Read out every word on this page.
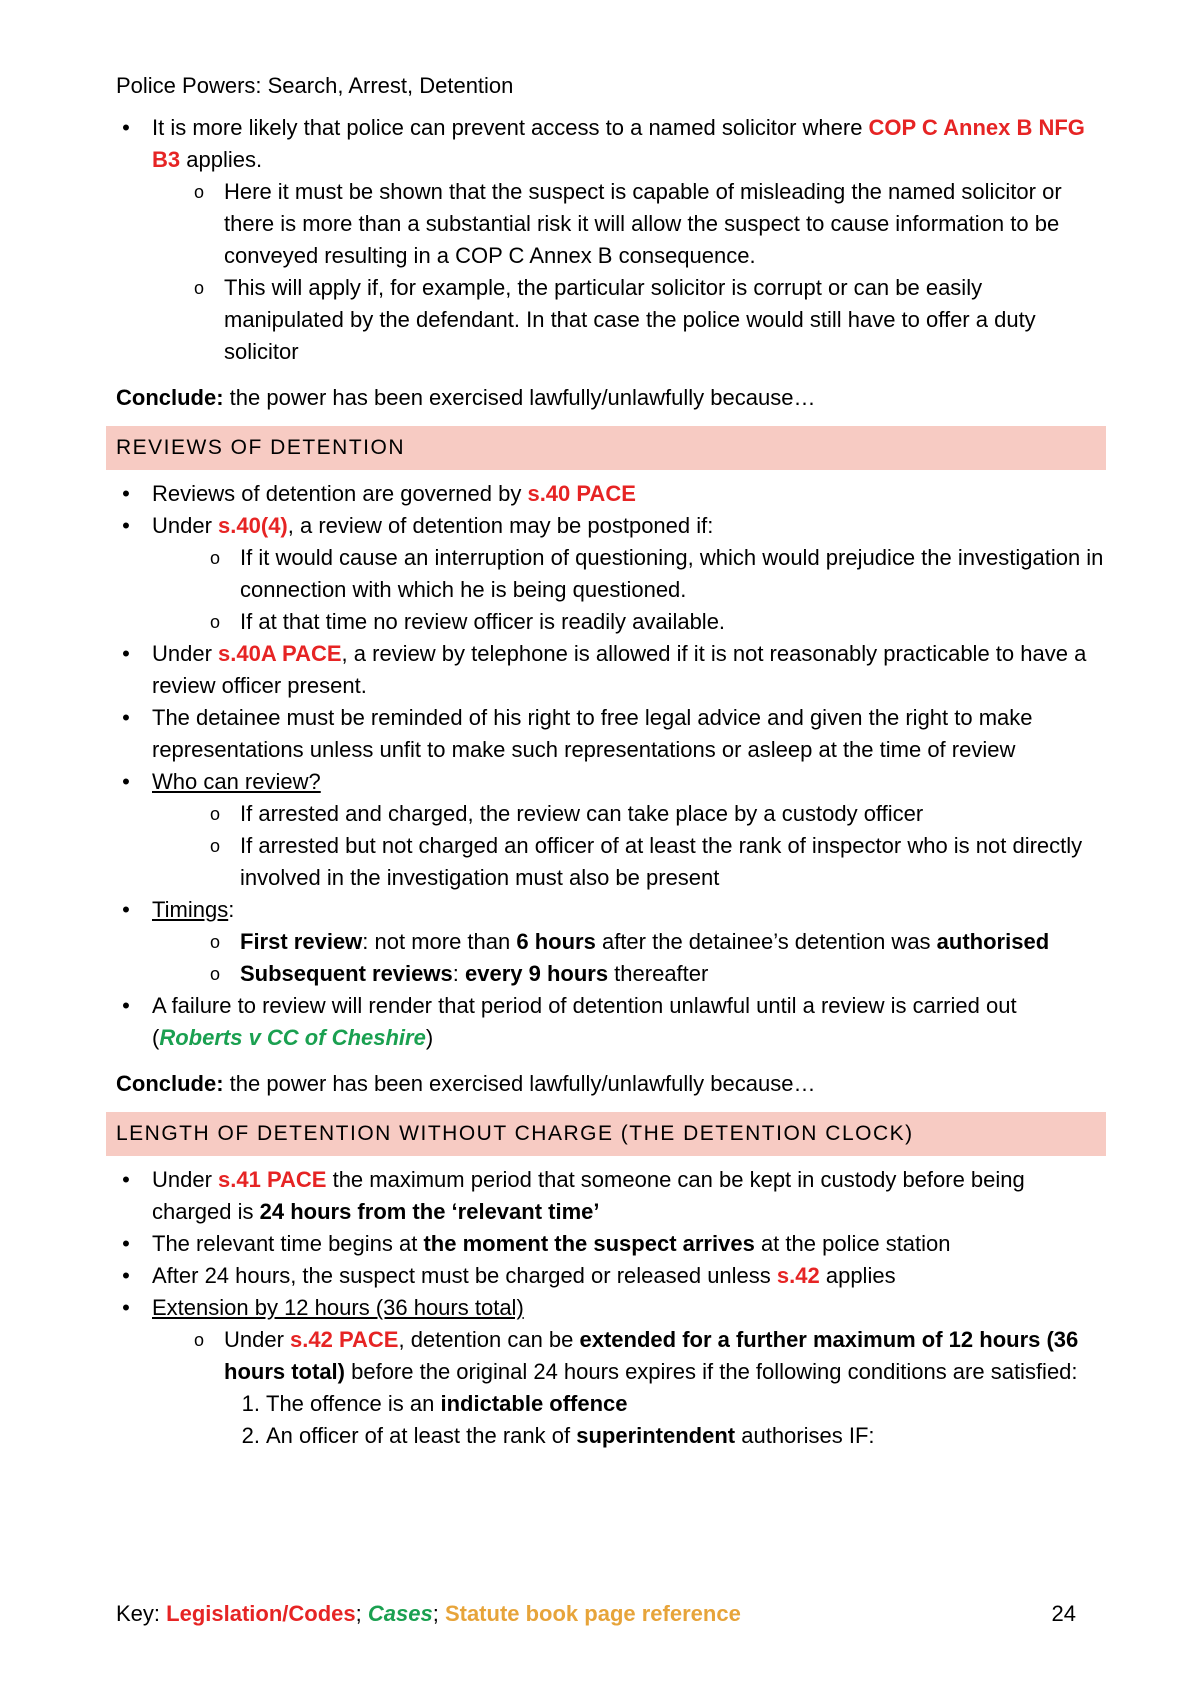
Police Powers: Search, Arrest, Detention
• It is more likely that police can prevent access to a named solicitor where COP C Annex B NFG B3 applies.
o Here it must be shown that the suspect is capable of misleading the named solicitor or there is more than a substantial risk it will allow the suspect to cause information to be conveyed resulting in a COP C Annex B consequence.
o This will apply if, for example, the particular solicitor is corrupt or can be easily manipulated by the defendant. In that case the police would still have to offer a duty solicitor
Conclude: the power has been exercised lawfully/unlawfully because…
REVIEWS OF DETENTION
• Reviews of detention are governed by s.40 PACE
• Under s.40(4), a review of detention may be postponed if:
o If it would cause an interruption of questioning, which would prejudice the investigation in connection with which he is being questioned.
o If at that time no review officer is readily available.
• Under s.40A PACE, a review by telephone is allowed if it is not reasonably practicable to have a review officer present.
• The detainee must be reminded of his right to free legal advice and given the right to make representations unless unfit to make such representations or asleep at the time of review
• Who can review?
o If arrested and charged, the review can take place by a custody officer
o If arrested but not charged an officer of at least the rank of inspector who is not directly involved in the investigation must also be present
• Timings:
o First review: not more than 6 hours after the detainee’s detention was authorised
o Subsequent reviews: every 9 hours thereafter
• A failure to review will render that period of detention unlawful until a review is carried out (Roberts v CC of Cheshire)
Conclude: the power has been exercised lawfully/unlawfully because…
LENGTH OF DETENTION WITHOUT CHARGE (THE DETENTION CLOCK)
• Under s.41 PACE the maximum period that someone can be kept in custody before being charged is 24 hours from the ‘relevant time’
• The relevant time begins at the moment the suspect arrives at the police station
• After 24 hours, the suspect must be charged or released unless s.42 applies
• Extension by 12 hours (36 hours total)
o Under s.42 PACE, detention can be extended for a further maximum of 12 hours (36 hours total) before the original 24 hours expires if the following conditions are satisfied:
1. The offence is an indictable offence
2. An officer of at least the rank of superintendent authorises IF:
Key: Legislation/Codes; Cases; Statute book page reference	24
